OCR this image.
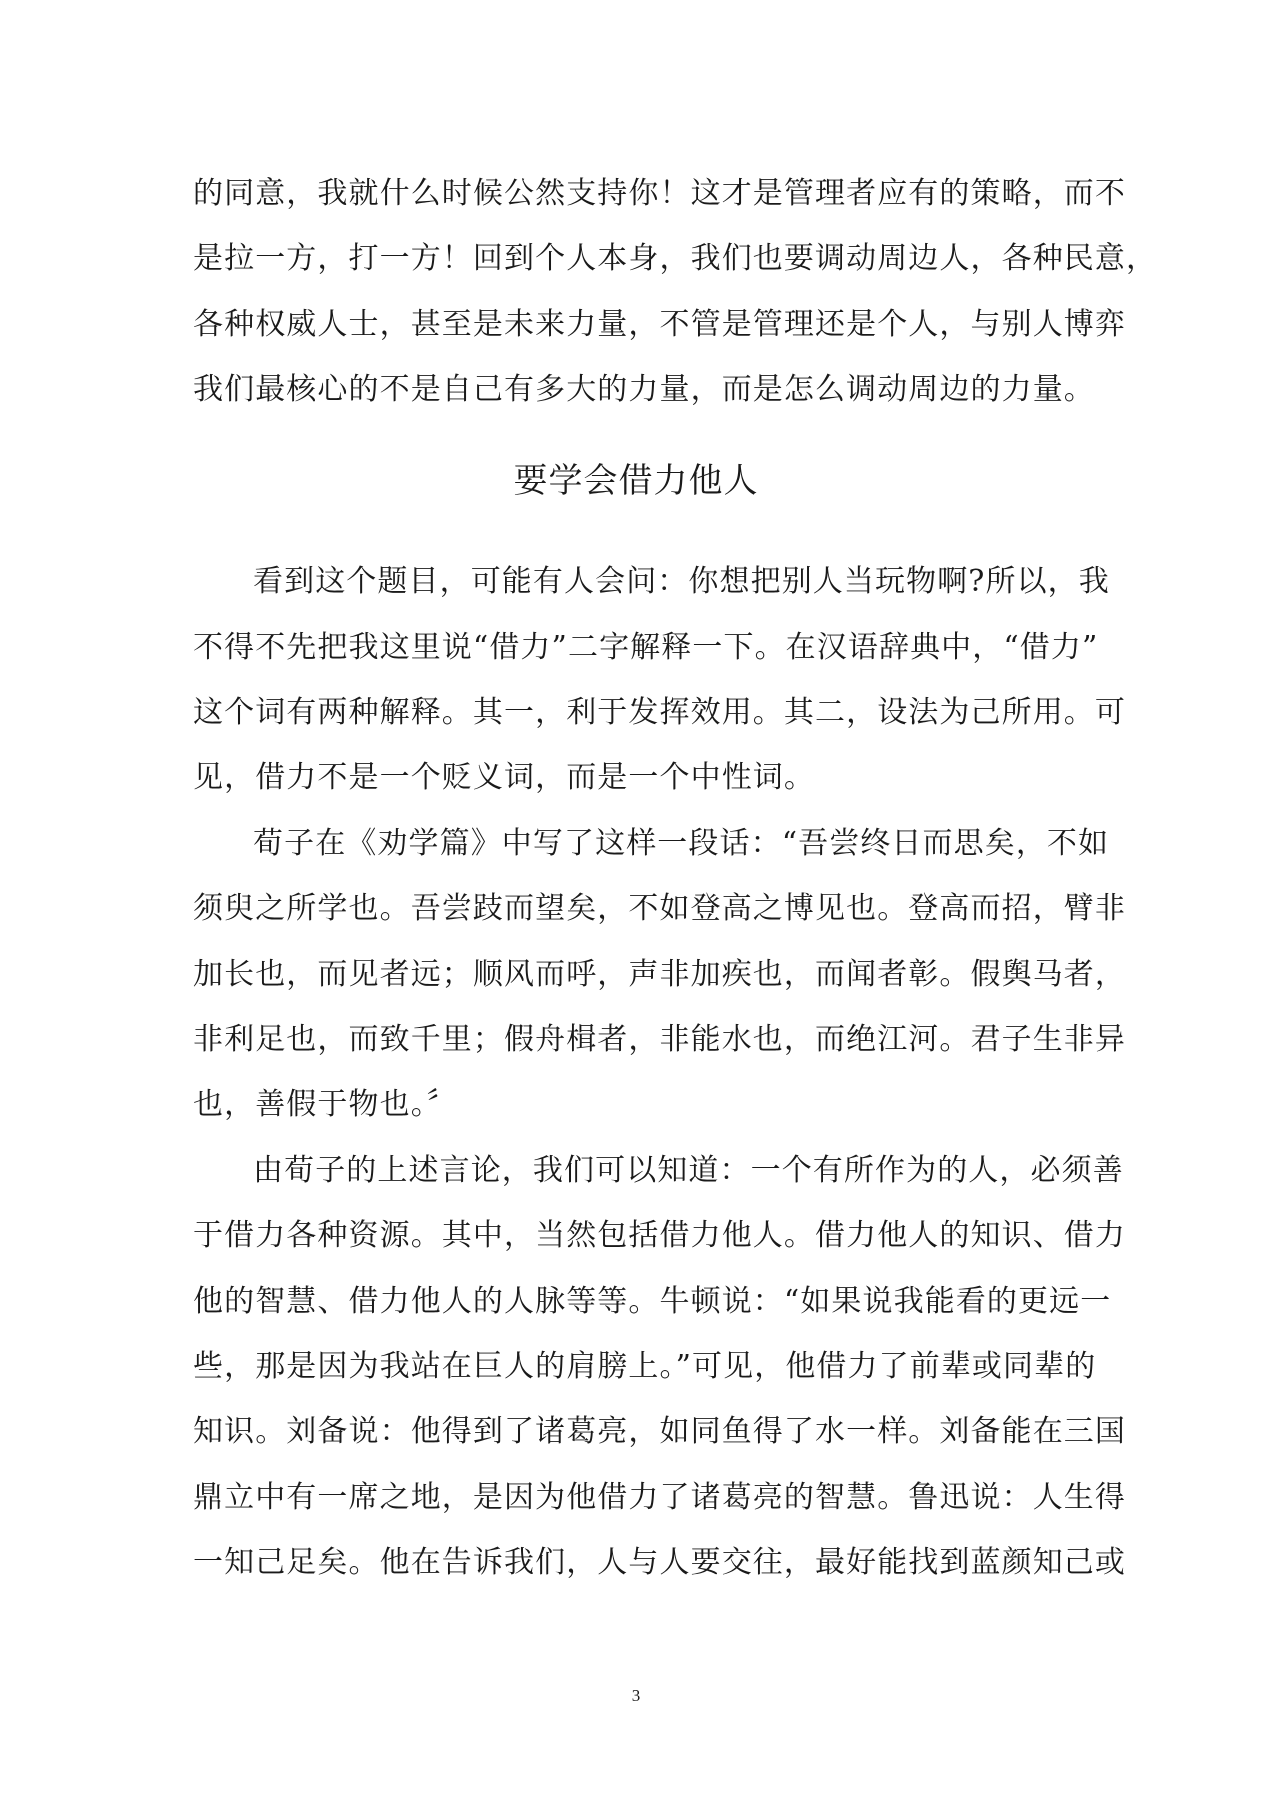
的同意，我就什么时候公然支持你！这才是管理者应有的策略，而不
是拉一方，打一方！回到个人本身，我们也要调动周边人，各种民意，
各种权威人士，甚至是未来力量，不管是管理还是个人，与别人博弈
我们最核心的不是自己有多大的力量，而是怎么调动周边的力量。
要学会借力他人
看到这个题目，可能有人会问：你想把别人当玩物啊?所以，我
不得不先把我这里说“借力”二字解释一下。在汉语辞典中，“借力”
这个词有两种解释。其一，利于发挥效用。其二，设法为己所用。可
见，借力不是一个贬义词，而是一个中性词。
荀子在《劝学篇》中写了这样一段话：“吾尝终日而思矣，不如
须臾之所学也。吾尝跂而望矣，不如登高之博见也。登高而招，臂非
加长也，而见者远；顺风而呼，声非加疾也，而闻者彰。假舆马者，
非利足也，而致千里；假舟楫者，非能水也，而绝江河。君子生非异
也，善假于物也。〞
由荀子的上述言论，我们可以知道：一个有所作为的人，必须善
于借力各种资源。其中，当然包括借力他人。借力他人的知识、借力
他的智慧、借力他人的人脉等等。牛顿说：“如果说我能看的更远一
些，那是因为我站在巨人的肩膀上。”可见，他借力了前辈或同辈的
知识。刘备说：他得到了诸葛亮，如同鱼得了水一样。刘备能在三国
鼎立中有一席之地，是因为他借力了诸葛亮的智慧。鲁迅说：人生得
一知己足矣。他在告诉我们，人与人要交往，最好能找到蓝颜知己或
3
